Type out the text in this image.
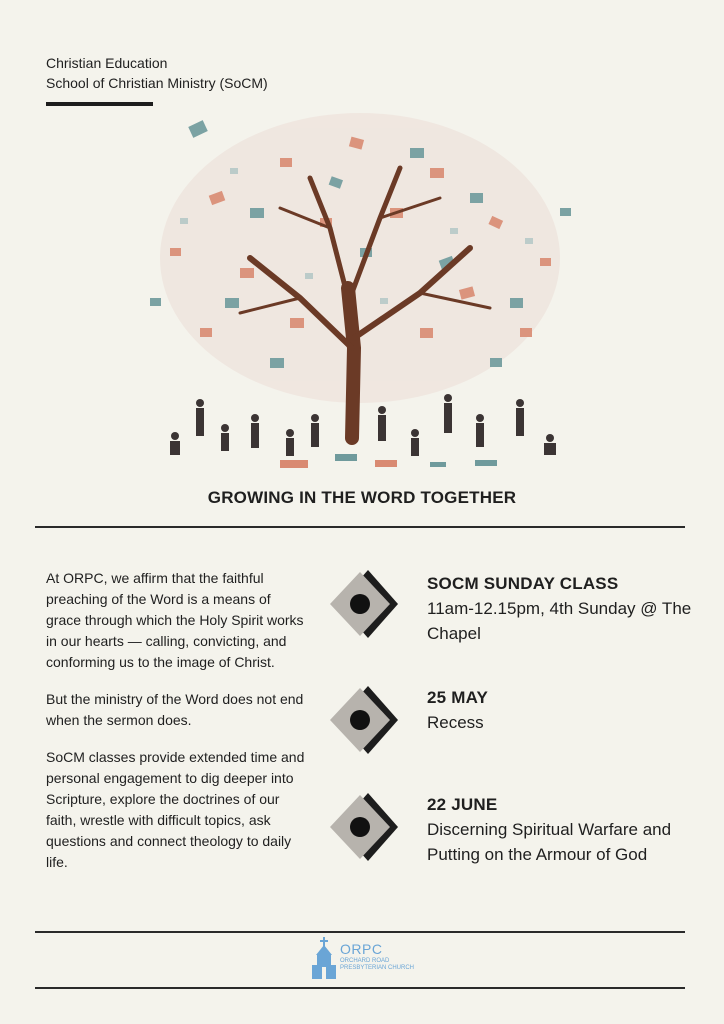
Christian Education
School of Christian Ministry (SoCM)
GROWING IN THE WORD TOGETHER

At ORPC, we affirm that the faithful preaching of the Word is a means of grace through which the Holy Spirit works in our hearts — calling, convicting, and conforming us to the image of Christ.

But the ministry of the Word does not end when the sermon does.

SoCM classes provide extended time and personal engagement to dig deeper into Scripture, explore the doctrines of our faith, wrestle with difficult topics, ask questions and connect theology to daily life.

SOCM SUNDAY CLASS
11am-12.15pm, 4th Sunday @ The Chapel
25 MAY
Recess
22 JUNE
Discerning Spiritual Warfare and Putting on the Armour of God
ORPC
ORCHARD ROAD PRESBYTERIAN CHURCH
